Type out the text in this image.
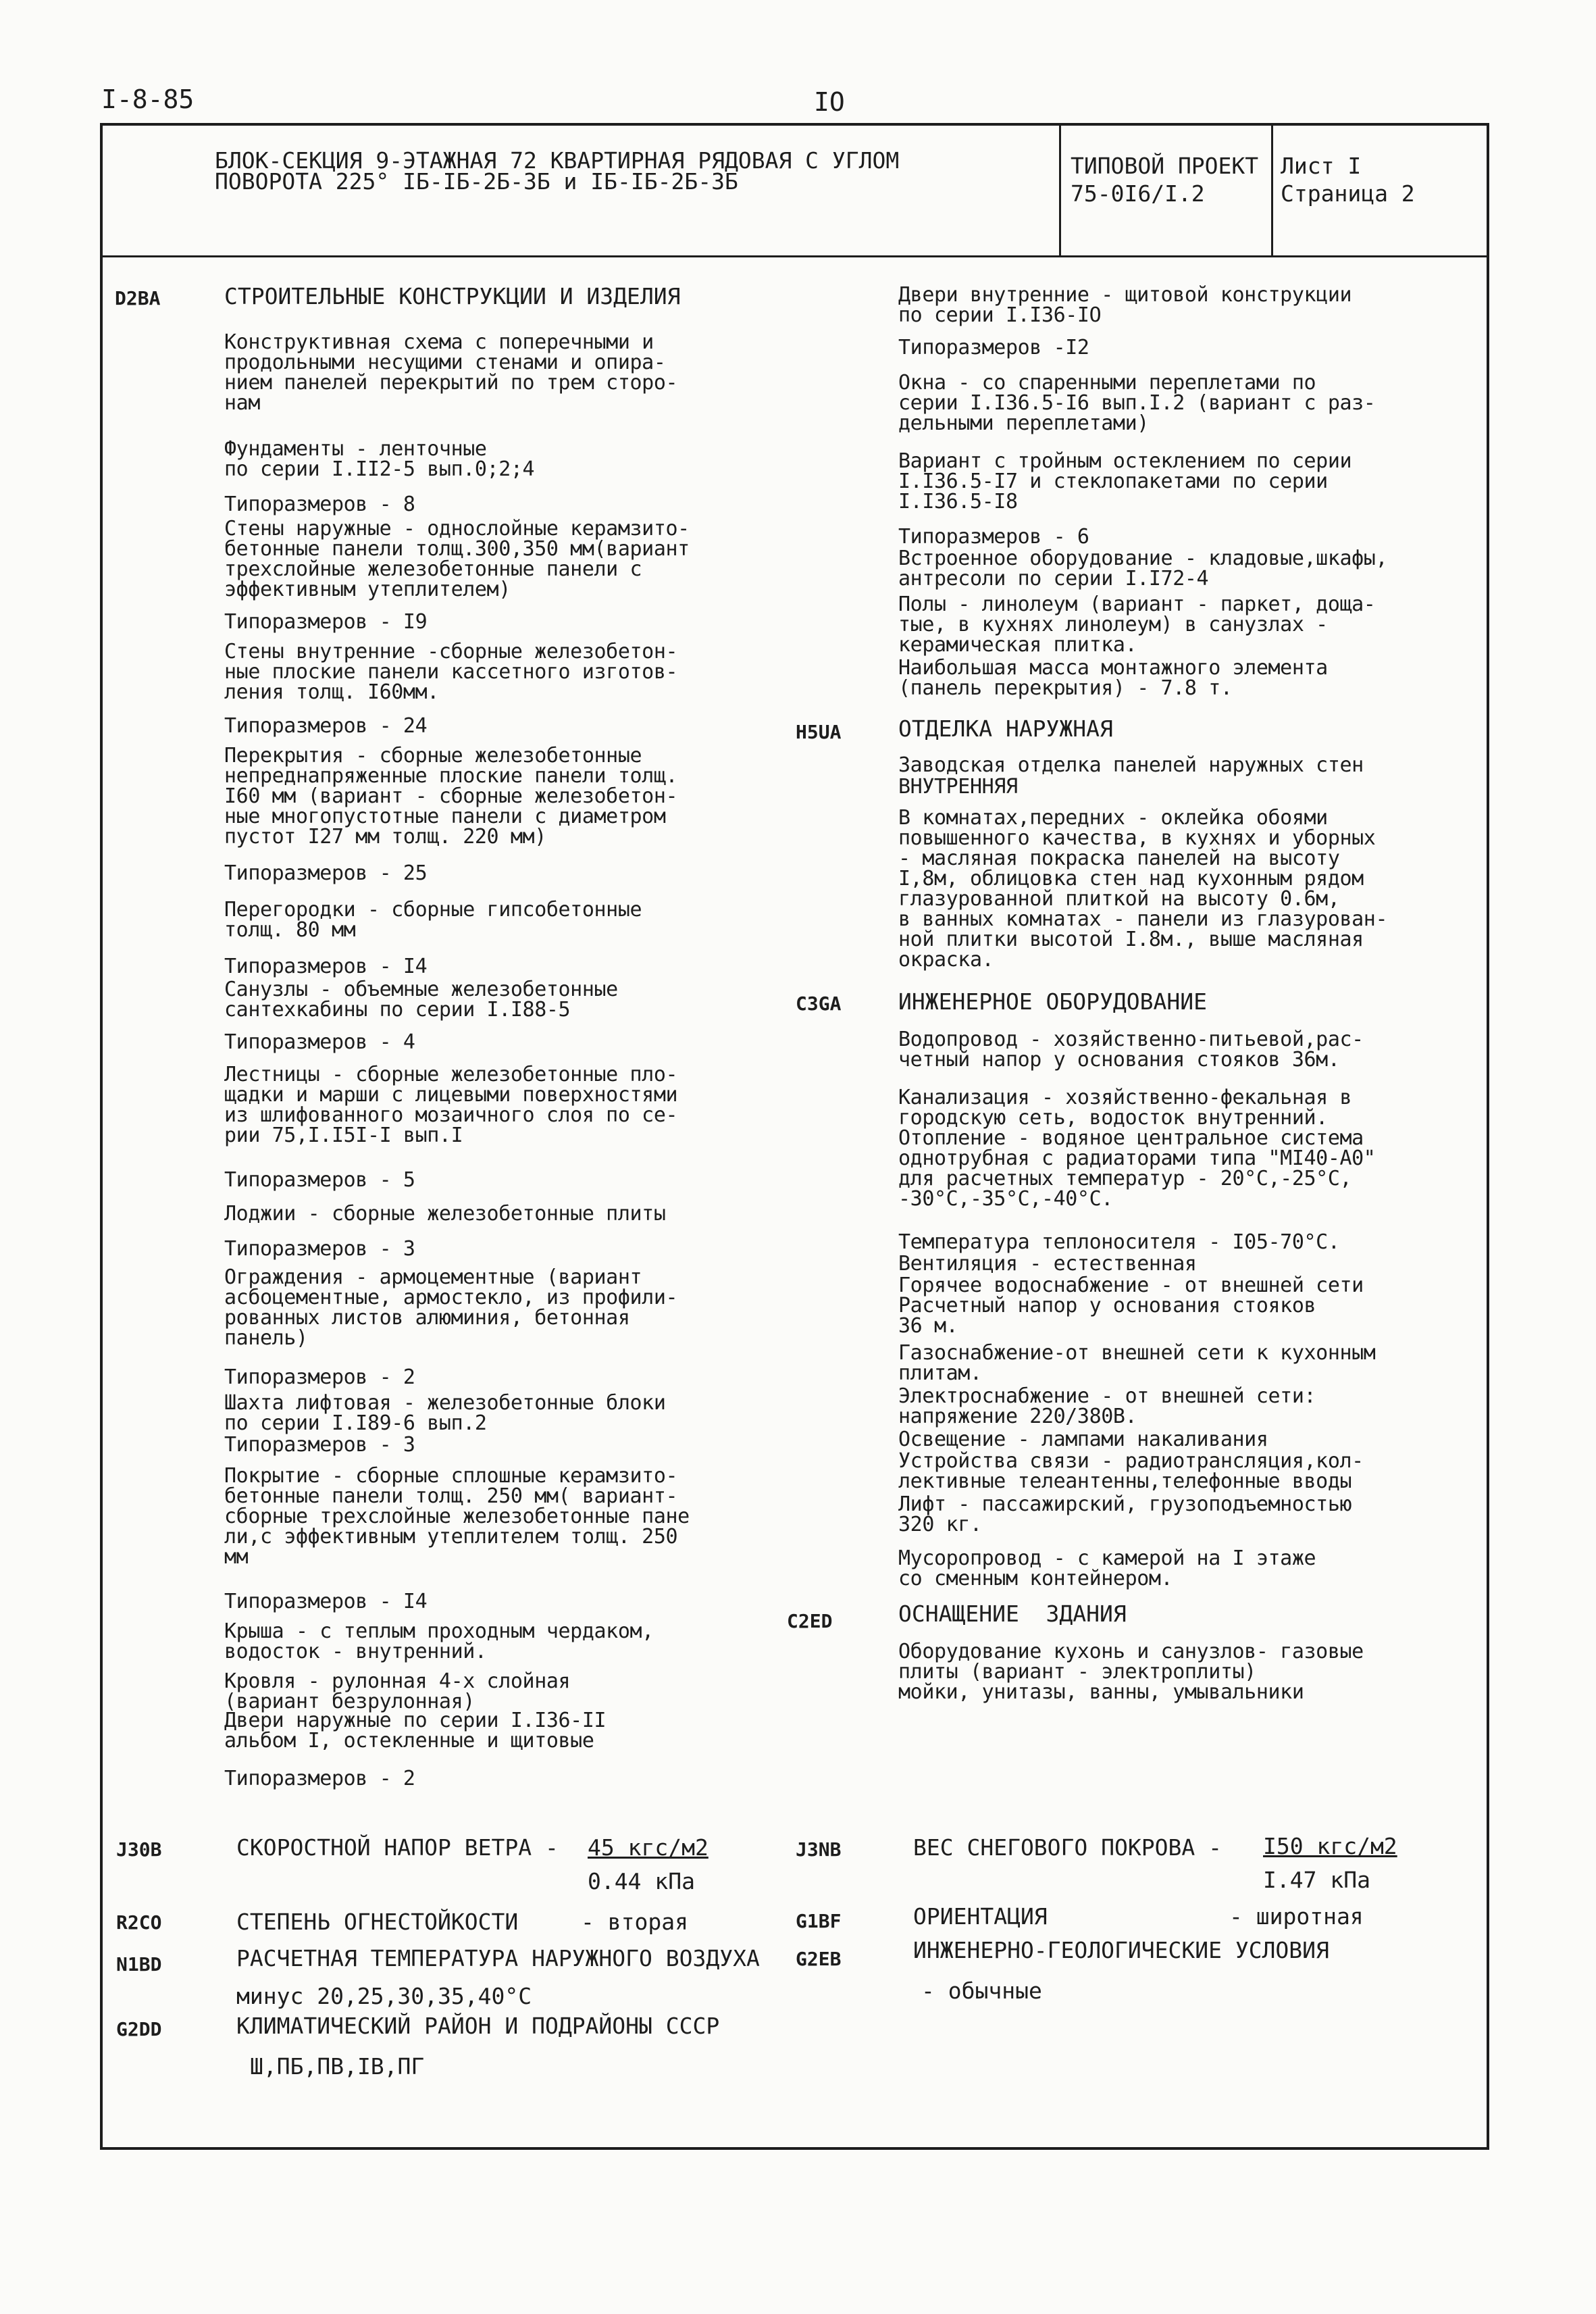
I-8-85	IO
БЛОК-СЕКЦИЯ 9-ЭТАЖНАЯ 72 КВАРТИРНАЯ РЯДОВАЯ С УГЛОМ
ПОВОРОТА 225° IБ-IБ-2Б-3Б и IБ-IБ-2Б-3Б
ТИПОВОЙ ПРОЕКТ
75-0I6/I.2
Лист I
Страница 2
D2BA
H5UA
C3GA
C2ED
СТРОИТЕЛЬНЫЕ КОНСТРУКЦИИ И ИЗДЕЛИЯ
Конструктивная схема с поперечными и
продольными несущими стенами и опира-
нием панелей перекрытий по трем сторо-
нам
Фундаменты - ленточные
по серии I.II2-5 вып.0;2;4
Типоразмеров - 8
Стены наружные - однослойные керамзито-
бетонные панели толщ.300,350 мм(вариант
трехслойные железобетонные панели с
эффективным утеплителем)
Типоразмеров - I9
Стены внутренние -сборные железобетон-
ные плоские панели кассетного изготов-
ления толщ. I60мм.
Типоразмеров - 24
Перекрытия - сборные железобетонные
непреднапряженные плоские панели толщ.
I60 мм (вариант - сборные железобетон-
ные многопустотные панели с диаметром
пустот I27 мм толщ. 220 мм)
Типоразмеров - 25
Перегородки - сборные гипсобетонные
толщ. 80 мм
Типоразмеров - I4
Санузлы - объемные железобетонные
сантехкабины по серии I.I88-5
Типоразмеров - 4
Лестницы - сборные железобетонные пло-
щадки и марши с лицевыми поверхностями
из шлифованного мозаичного слоя по се-
рии 75,I.I5I-I вып.I
Типоразмеров - 5
Лоджии - сборные железобетонные плиты
Типоразмеров - 3
Ограждения - армоцементные (вариант
асбоцементные, армостекло, из профили-
рованных листов алюминия, бетонная
панель)
Типоразмеров - 2
Шахта лифтовая - железобетонные блоки
по серии I.I89-6 вып.2
Типоразмеров - 3
Покрытие - сборные сплошные керамзито-
бетонные панели толщ. 250 мм( вариант-
сборные трехслойные железобетонные пане
ли,с эффективным утеплителем толщ. 250
мм
Типоразмеров - I4
Крыша - с теплым проходным чердаком,
водосток - внутренний.
Кровля - рулонная 4-х слойная
(вариант безрулонная)
Двери наружные по серии I.I36-II
альбом I, остекленные и щитовые
Типоразмеров - 2
Двери внутренние - щитовой конструкции
по серии I.I36-IO
Типоразмеров -I2
Окна - со спаренными переплетами по
серии I.I36.5-I6 вып.I.2 (вариант с раз-
дельными переплетами)
Вариант с тройным остеклением по серии
I.I36.5-I7 и стеклопакетами по серии
I.I36.5-I8
Типоразмеров - 6
Встроенное оборудование - кладовые,шкафы,
антресоли по серии I.I72-4
Полы - линолеум (вариант - паркет, доща-
тые, в кухнях линолеум) в санузлах -
керамическая плитка.
Наибольшая масса монтажного элемента
(панель перекрытия) - 7.8 т.
ОТДЕЛКА НАРУЖНАЯ
Заводская отделка панелей наружных стен
ВНУТРЕННЯЯ
В комнатах,передних - оклейка обоями
повышенного качества, в кухнях и уборных
- масляная покраска панелей на высоту
I,8м, облицовка стен над кухонным рядом
глазурованной плиткой на высоту 0.6м,
в ванных комнатах - панели из глазурован-
ной плитки высотой I.8м., выше масляная
окраска.
ИНЖЕНЕРНОЕ ОБОРУДОВАНИЕ
Водопровод - хозяйственно-питьевой,рас-
четный напор у основания стояков 36м.
Канализация - хозяйственно-фекальная в
городскую сеть, водосток внутренний.
Отопление - водяное центральное система
однотрубная с радиаторами типа "МI40-А0"
для расчетных температур - 20°С,-25°С,
-30°С,-35°С,-40°С.
Температура теплоносителя - I05-70°С.
Вентиляция - естественная
Горячее водоснабжение - от внешней сети
Расчетный напор у основания стояков
36 м.
Газоснабжение-от внешней сети к кухонным
плитам.
Электроснабжение - от внешней сети:
напряжение 220/380В.
Освещение - лампами накаливания
Устройства связи - радиотрансляция,кол-
лективные телеантенны,телефонные вводы
Лифт - пассажирский, грузоподъемностью
320 кг.
Мусоропровод - с камерой на I этаже
со сменным контейнером.
ОСНАЩЕНИЕ  ЗДАНИЯ
Оборудование кухонь и санузлов- газовые
плиты (вариант - электроплиты)
мойки, унитазы, ванны, умывальники
J30B	СКОРОСТНОЙ НАПОР ВЕТРА - 45 кгс/м2
0.44 кПа
J3NB	ВЕС СНЕГОВОГО ПОКРОВА - I50 кгс/м2
I.47 кПа
R2CO	СТЕПЕНЬ ОГНЕСТОЙКОСТИ	- вторая	G1BF	ОРИЕНТАЦИЯ	- широтная
N1BD	РАСЧЕТНАЯ ТЕМПЕРАТУРА НАРУЖНОГО ВОЗДУХА
минус 20,25,30,35,40°С
G2EB	ИНЖЕНЕРНО-ГЕОЛОГИЧЕСКИЕ УСЛОВИЯ
- обычные
G2DD	КЛИМАТИЧЕСКИЙ РАЙОН И ПОДРАЙОНЫ СССР
Ш,ПБ,ПВ,IВ,ПГ
